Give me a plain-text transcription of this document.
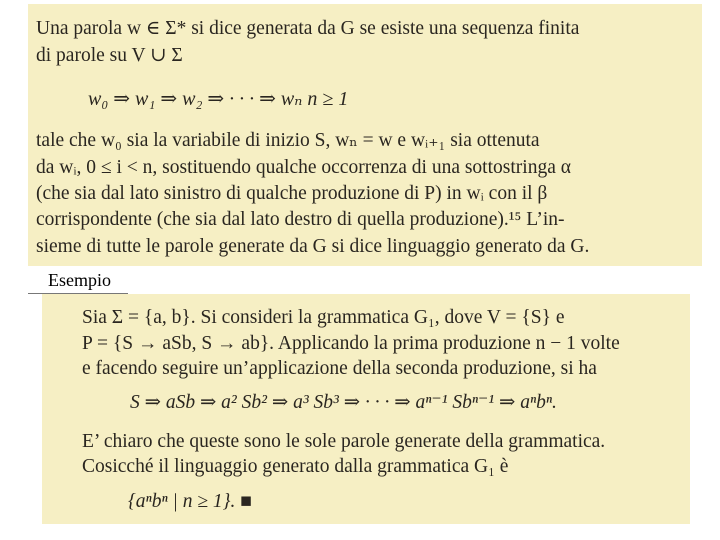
Una parola w ∈ Σ* si dice generata da G se esiste una sequenza finita
di parole su V ∪ Σ
w₀ ⇒ w₁ ⇒ w₂ ⇒ · · · ⇒ wₙ n ≥ 1
tale che w₀ sia la variabile di inizio S, wₙ = w e wᵢ₊₁ sia ottenuta
da wᵢ, 0 ≤ i < n, sostituendo qualche occorrenza di una sottostringa α
(che sia dal lato sinistro di qualche produzione di P) in wᵢ con il β
corrispondente (che sia dal lato destro di quella produzione).¹⁵ L’in-
sieme di tutte le parole generate da G si dice linguaggio generato da G.
Esempio
Sia Σ = {a, b}. Si consideri la grammatica G₁, dove V = {S} e
P = {S → aSb, S → ab}. Applicando la prima produzione n − 1 volte
e facendo seguire un’applicazione della seconda produzione, si ha
S ⇒ aSb ⇒ a² Sb² ⇒ a³ Sb³ ⇒ · · · ⇒ aⁿ⁻¹ Sbⁿ⁻¹ ⇒ aⁿbⁿ.
E’ chiaro che queste sono le sole parole generate della grammatica.
Cosicché il linguaggio generato dalla grammatica G₁ è
{aⁿbⁿ | n ≥ 1}. ■
